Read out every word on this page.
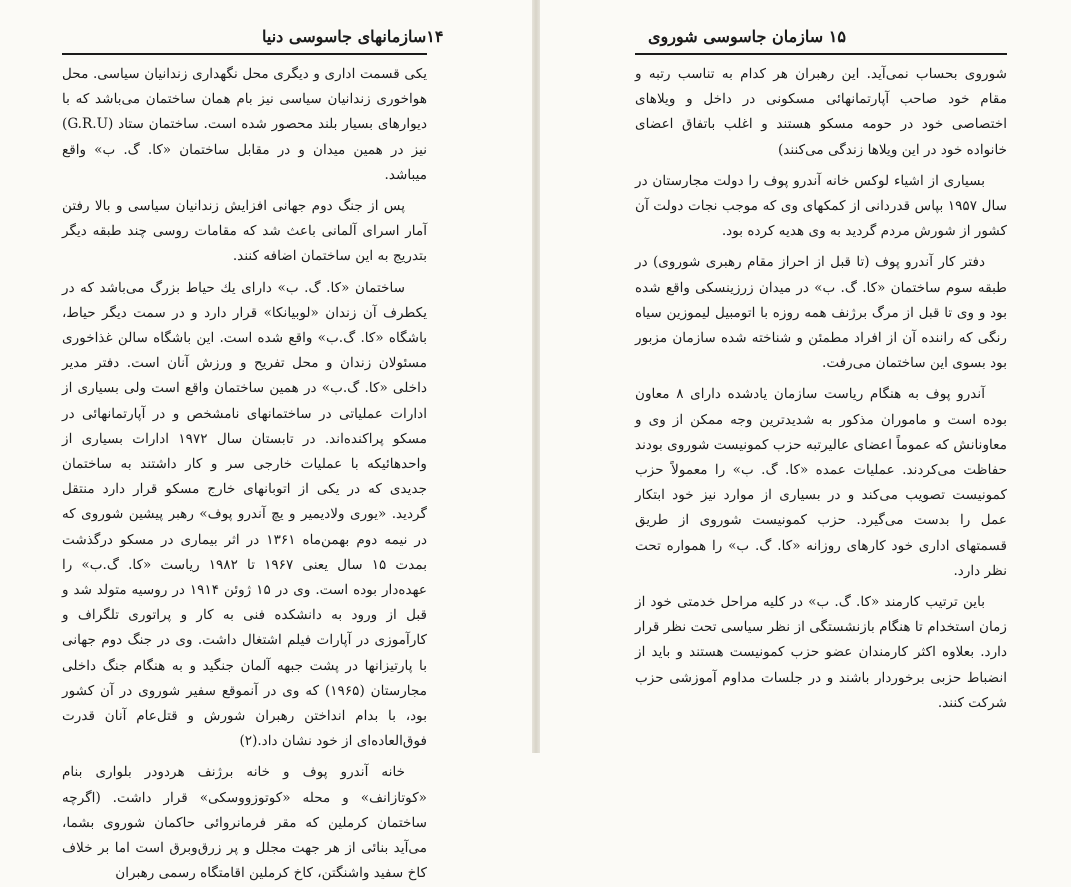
۱۴سازمانهای جاسوسی دنیا

یکی قسمت اداری و دیگری محل نگهداری زندانیان سیاسی. محل هواخوری زندانیان سیاسی نیز بام همان ساختمان می‌باشد که با دیوارهای بسیار بلند محصور شده است. ساختمان ستاد (G.R.U) نیز در همین میدان و در مقابل ساختمان «کا. گ. ب» واقع میباشد.

پس از جنگ دوم جهانی افزایش زندانیان سیاسی و بالا رفتن آمار اسرای آلمانی باعث شد که مقامات روسی چند طبقه دیگر بتدریج به این ساختمان اضافه کنند.

ساختمان «کا. گ. ب» دارای یك حیاط بزرگ می‌باشد که در یکطرف آن زندان «لوبیانکا» قرار دارد و در سمت دیگر حیاط، باشگاه «کا. گ.ب» واقع شده است. این باشگاه سالن غذاخوری مسئولان زندان و محل تفریح و ورزش آنان است. دفتر مدیر داخلی «کا. گ.ب» در همین ساختمان واقع است ولی بسیاری از ادارات عملیاتی در ساختمانهای نامشخص و در آپارتمانهائی در مسکو پراکنده‌اند. در تابستان سال ۱۹۷۲ ادارات بسیاری از واحدهائیکه با عملیات خارجی سر و کار داشتند به ساختمان جدیدی که در یکی از اتوبانهای خارج مسکو قرار دارد منتقل گردید. «یوری ولادیمیر و یچ آندرو پوف» رهبر پیشین شوروی که در نیمه دوم بهمن‌ماه ۱۳۶۱ در اثر بیماری در مسکو درگذشت بمدت ۱۵ سال یعنی ۱۹۶۷ تا ۱۹۸۲ ریاست «کا. گ.ب» را عهده‌دار بوده است. وی در ۱۵ ژوئن ۱۹۱۴ در روسیه متولد شد و قبل از ورود به دانشکده فنی به کار و پراتوری تلگراف و کارآموزی در آپارات فیلم اشتغال داشت. وی در جنگ دوم جهانی با پارتیزانها در پشت جبهه آلمان جنگید و به هنگام جنگ داخلی مجارستان (۱۹۶۵) که وی در آنموقع سفیر شوروی در آن کشور بود، با بدام انداختن رهبران شورش و قتل‌عام آنان قدرت فوق‌العاده‌ای از خود نشان داد.(۲)

خانه آندرو پوف و خانه برژنف هردودر بلواری بنام «کوتازانف» و محله «کوتوزووسکی» قرار داشت. (اگرچه ساختمان کرملین که مقر فرمانروائی حاکمان شوروی بشما، می‌آید بنائی از هر جهت مجلل و پر زرق‌وبرق است اما بر خلاف کاخ سفید واشنگتن، کاخ کرملین اقامتگاه رسمی رهبران

۱۵ سازمان جاسوسی شوروی

شوروی بحساب نمی‌آید. این رهبران هر کدام به تناسب رتبه و مقام خود صاحب آپارتمانهائی مسکونی در داخل و ویلاهای اختصاصی خود در حومه مسکو هستند و اغلب باتفاق اعضای خانواده خود در این ویلاها زندگی می‌کنند)

بسیاری از اشیاء لوکس خانه آندرو پوف را دولت مجارستان در سال ۱۹۵۷ بپاس قدردانی از کمکهای وی که موجب نجات دولت آن کشور از شورش مردم گردید به وی هدیه کرده بود.

دفتر کار آندرو پوف (تا قبل از احراز مقام رهبری شوروی) در طبقه سوم ساختمان «کا. گ. ب» در میدان زرزینسکی واقع شده بود و وی تا قبل از مرگ برژنف همه روزه با اتومبیل لیموزین سیاه رنگی که راننده آن از افراد مطمئن و شناخته شده سازمان مزبور بود بسوی این ساختمان می‌رفت.

آندرو پوف به هنگام ریاست سازمان یادشده دارای ۸ معاون بوده است و ماموران مذکور به شدیدترین وجه ممکن از وی و معاونانش که عموماً اعضای عالیرتبه حزب کمونیست شوروی بودند حفاظت می‌کردند. عملیات عمده «کا. گ. ب» را معمولاً حزب کمونیست تصویب می‌کند و در بسیاری از موارد نیز خود ابتکار عمل را بدست می‌گیرد. حزب کمونیست شوروی از طریق قسمتهای اداری خود کارهای روزانه «کا. گ. ب» را همواره تحت نظر دارد.

باین ترتیب کارمند «کا. گ. ب» در کلیه مراحل خدمتی خود از زمان استخدام تا هنگام بازنشستگی از نظر سیاسی تحت نظر قرار دارد. بعلاوه اکثر کارمندان عضو حزب کمونیست هستند و باید از انضباط حزبی برخوردار باشند و در جلسات مداوم آموزشی حزب شرکت کنند.
